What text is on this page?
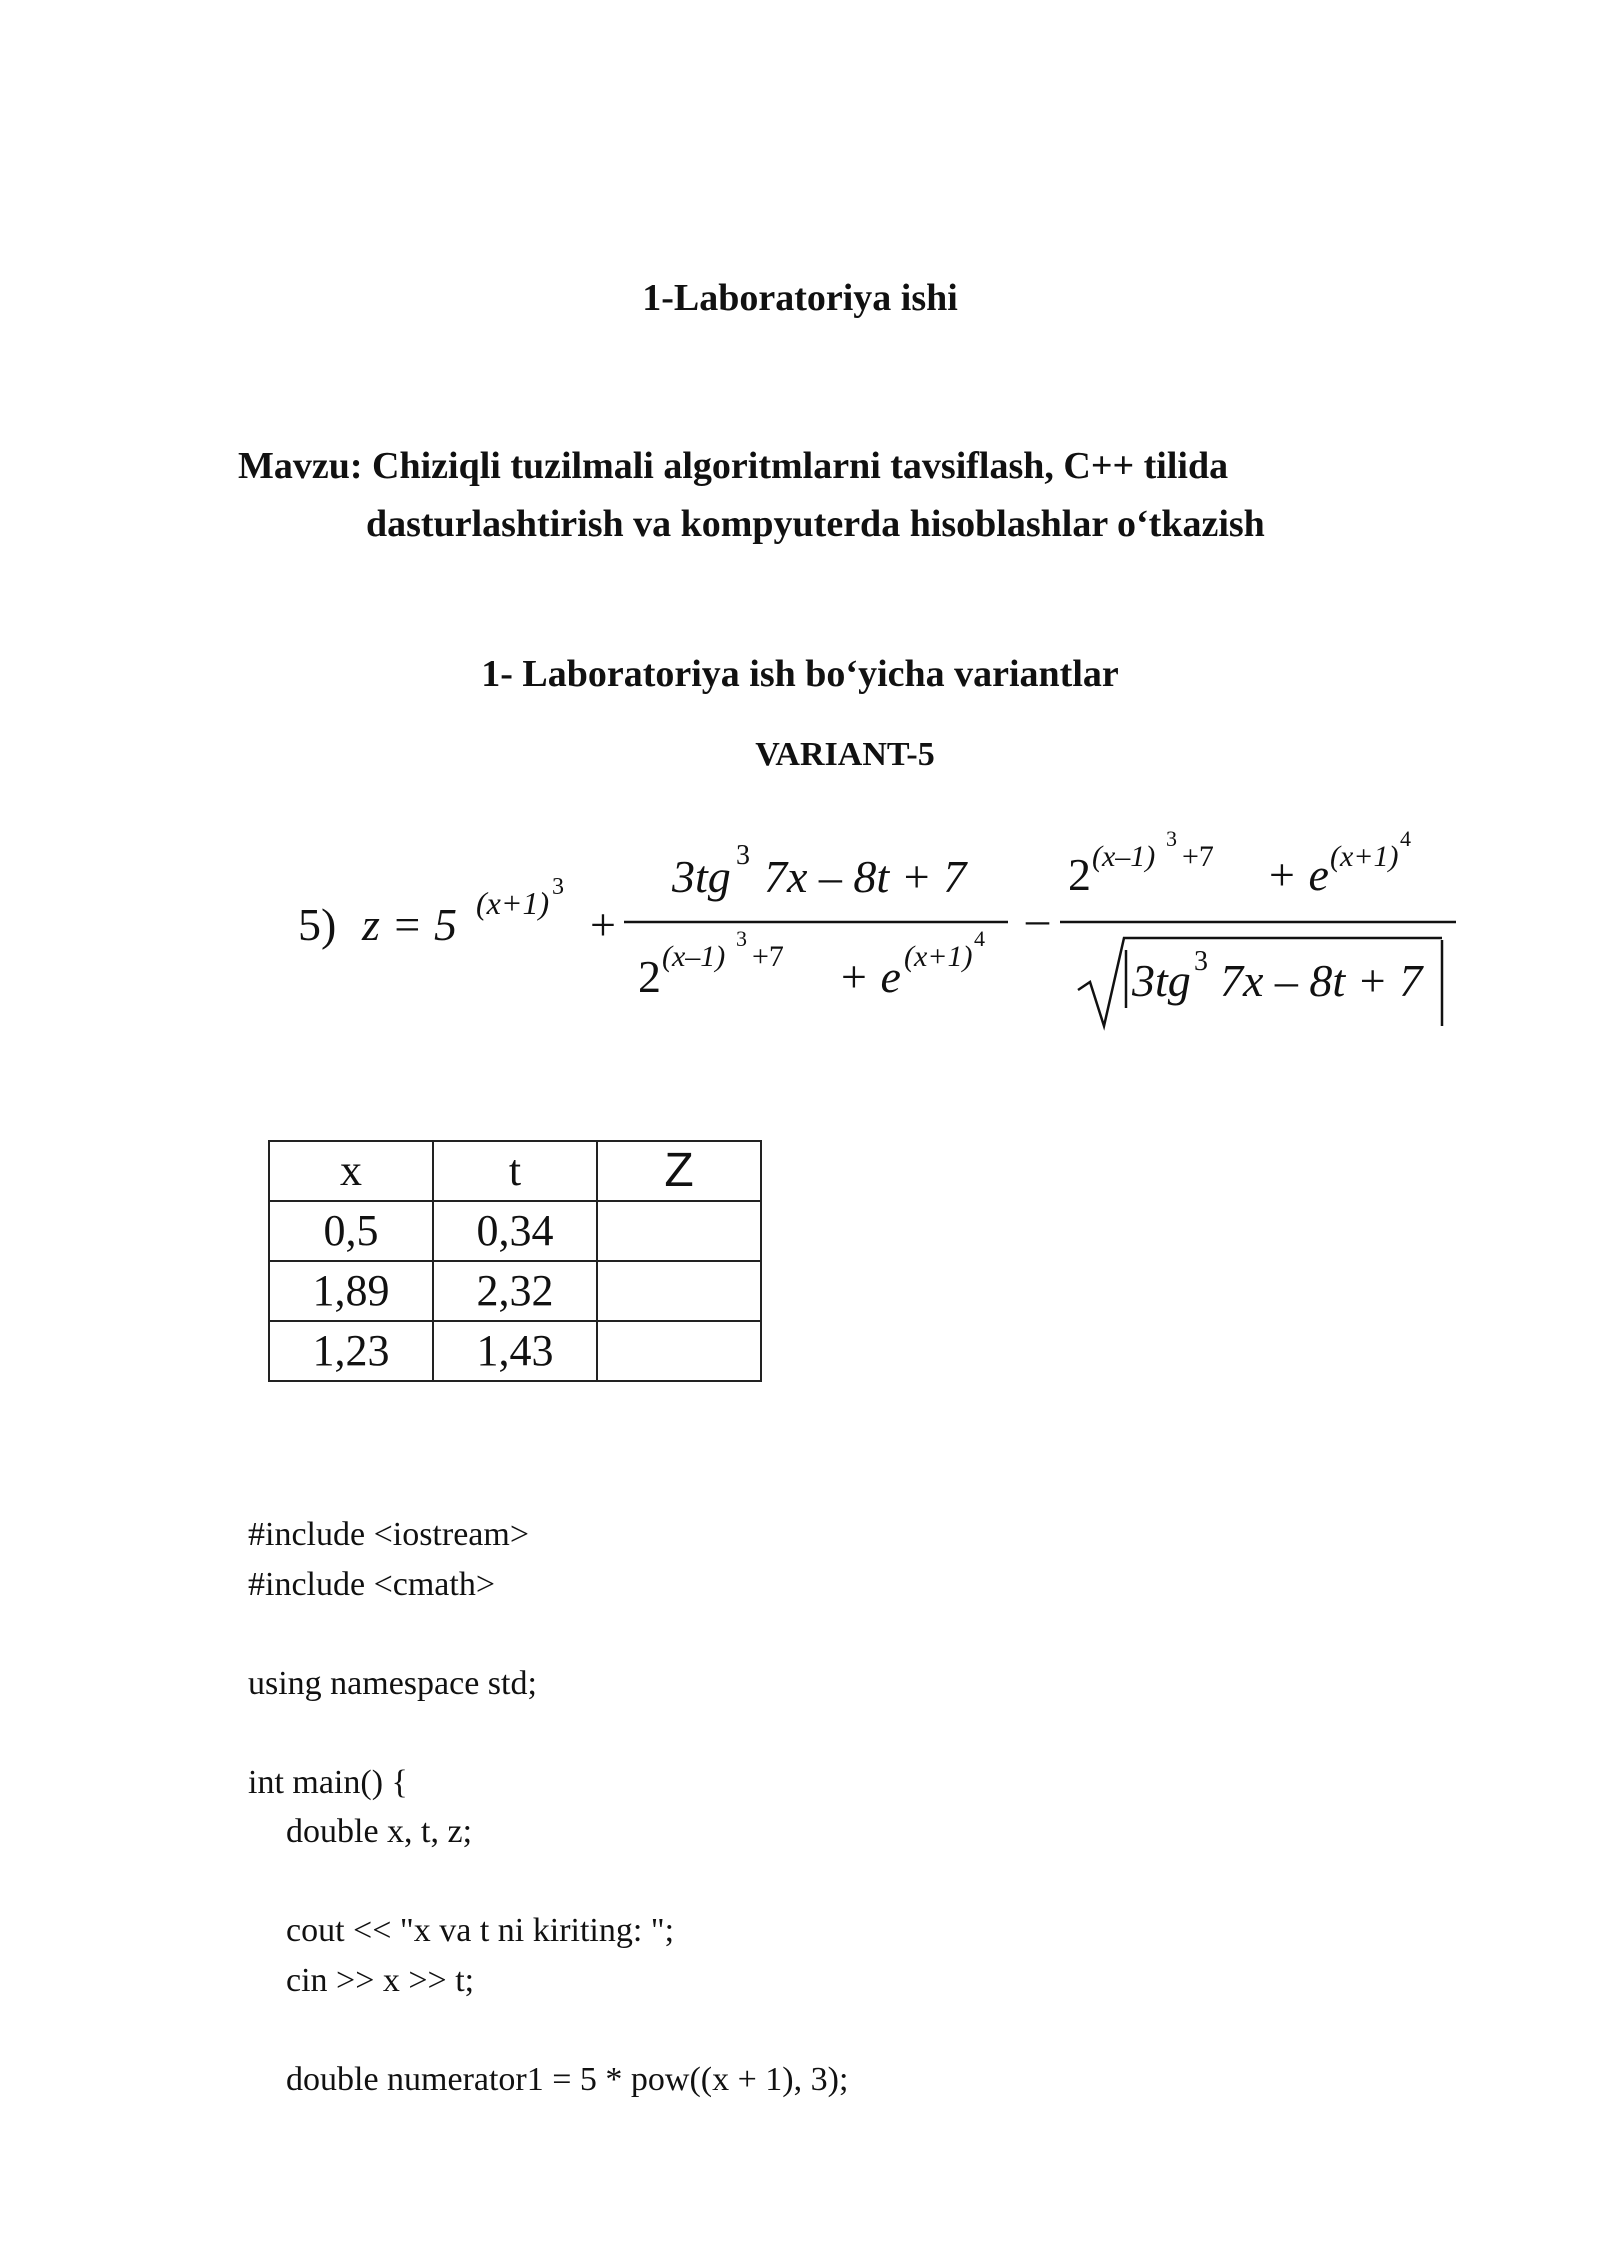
1-Laboratoriya ishi
Mavzu: Chiziqli tuzilmali algoritmlarni tavsiflash, C++ tilida
dasturlashtirish va kompyuterda hisoblashlar o‘tkazish
1- Laboratoriya ish bo‘yicha variantlar
VARIANT-5
5) z = 5 (x+1) 3
+
3tg 3 7x – 8t + 7
2 (x–1)
3
+7 + e (x+1)
4 –
2 (x–1)
3
+7 + e (x+1)
4
3tg 3 7x – 8t + 7
x	t	Z
0,5	0,34	
1,89	2,32	
1,23	1,43	
#include <iostream>
#include <cmath>
using namespace std;
int main() {
double x, t, z;
cout << "x va t ni kiriting: ";
cin >> x >> t;
double numerator1 = 5 * pow((x + 1), 3);
